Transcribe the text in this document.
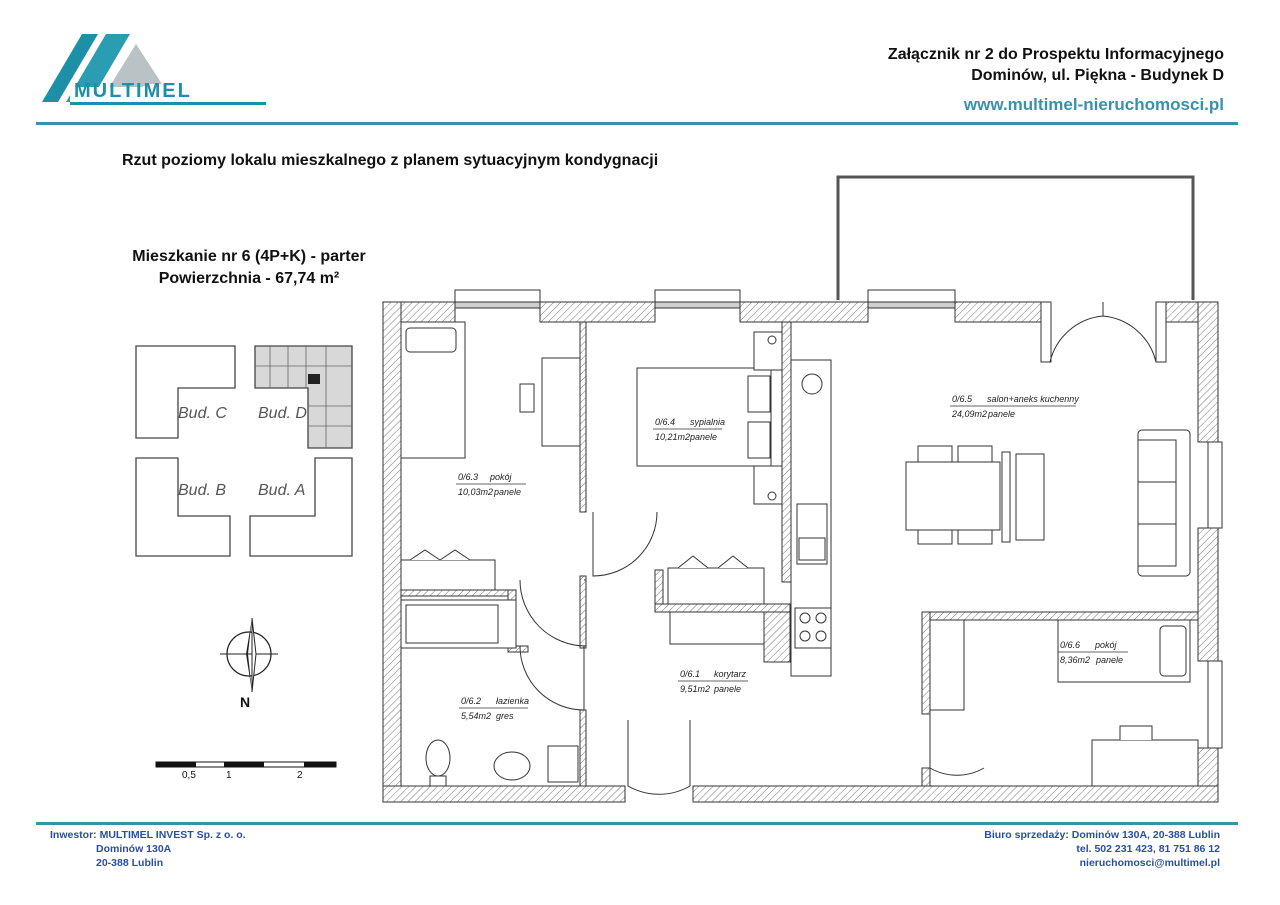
MULTIMEL
Załącznik nr 2 do Prospektu Informacyjnego
Dominów, ul. Piękna - Budynek D
www.multimel-nieruchomosci.pl
Rzut poziomy lokalu mieszkalnego z planem sytuacyjnym kondygnacji
Mieszkanie nr 6 (4P+K) - parter
Powierzchnia - 67,74 m²
Bud. C Bud. D
Bud. B Bud. A
N
0,5	1	2
0/6.3 pokój
10,03m2 panele
0/6.4 sypialnia
10,21m2 panele
0/6.5 salon+aneks kuchenny
24,09m2 panele
0/6.2 łazienka
5,54m2 gres
0/6.1 korytarz
9,51m2 panele
0/6.6 pokój
8,36m2 panele
Inwestor: MULTIMEL INVEST Sp. z o. o.
Dominów 130A
20-388 Lublin
Biuro sprzedaży: Dominów 130A, 20-388 Lublin
tel. 502 231 423, 81 751 86 12
nieruchomosci@multimel.pl
